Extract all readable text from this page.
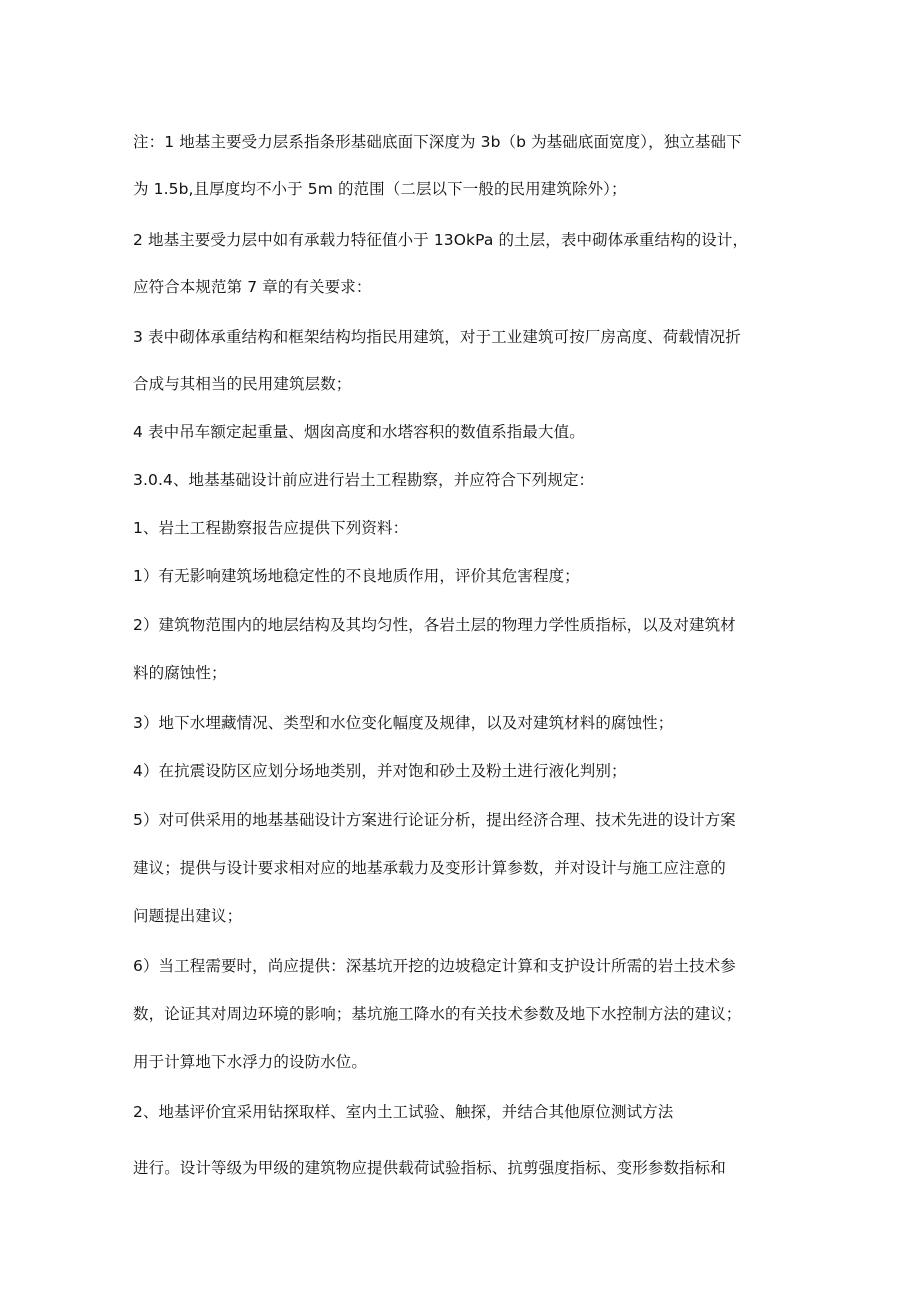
注：1 地基主要受力层系指条形基础底面下深度为 3b（b 为基础底面宽度），独立基础下
为 1.5b,且厚度均不小于 5m 的范围（二层以下一般的民用建筑除外）；
2 地基主要受力层中如有承载力特征值小于 13OkPa 的土层，表中砌体承重结构的设计，
应符合本规范第 7 章的有关要求：
3 表中砌体承重结构和框架结构均指民用建筑，对于工业建筑可按厂房高度、荷载情况折
合成与其相当的民用建筑层数；
4 表中吊车额定起重量、烟囱高度和水塔容积的数值系指最大值。
3.0.4、地基基础设计前应进行岩土工程勘察，并应符合下列规定：
1、岩土工程勘察报告应提供下列资料：
1）有无影响建筑场地稳定性的不良地质作用，评价其危害程度；
2）建筑物范围内的地层结构及其均匀性，各岩土层的物理力学性质指标，以及对建筑材
料的腐蚀性；
3）地下水埋藏情况、类型和水位变化幅度及规律，以及对建筑材料的腐蚀性；
4）在抗震设防区应划分场地类别，并对饱和砂土及粉土进行液化判别；
5）对可供采用的地基基础设计方案进行论证分析，提出经济合理、技术先进的设计方案
建议；提供与设计要求相对应的地基承载力及变形计算参数，并对设计与施工应注意的
问题提出建议；
6）当工程需要时，尚应提供：深基坑开挖的边坡稳定计算和支护设计所需的岩土技术参
数，论证其对周边环境的影响；基坑施工降水的有关技术参数及地下水控制方法的建议；
用于计算地下水浮力的设防水位。
2、地基评价宜采用钻探取样、室内土工试验、触探，并结合其他原位测试方法
进行。设计等级为甲级的建筑物应提供载荷试验指标、抗剪强度指标、变形参数指标和
